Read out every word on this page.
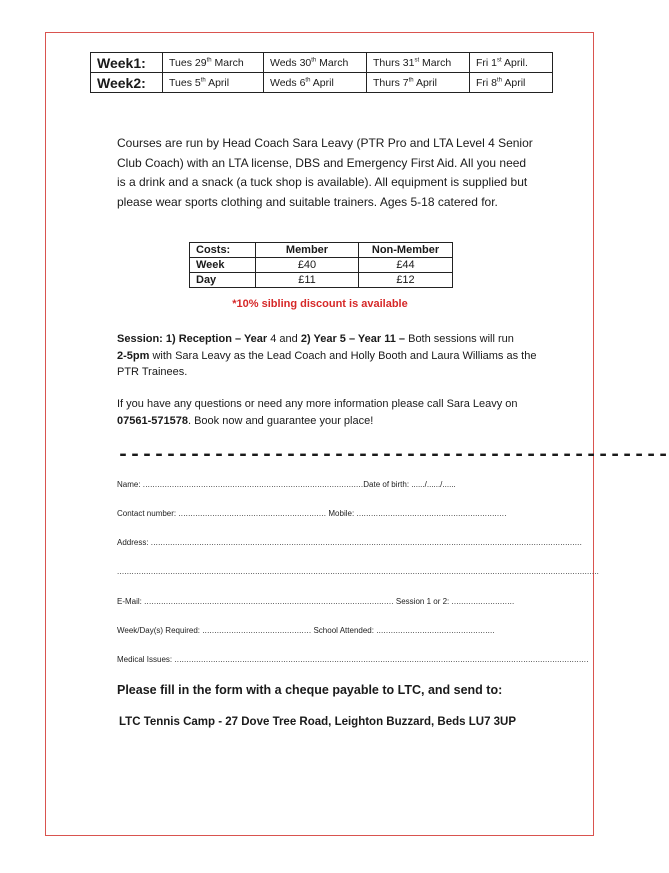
Week1:	Tues 29th March	Weds 30th March	Thurs 31st March	Fri 1st April.
Week2:	Tues 5th April	Weds 6th April	Thurs 7th April	Fri 8th April

Courses are run by Head Coach Sara Leavy (PTR Pro and LTA Level 4 Senior Club Coach) with an LTA license, DBS and Emergency First Aid. All you need is a drink and a snack (a tuck shop is available). All equipment is supplied but please wear sports clothing and suitable trainers. Ages 5-18 catered for.

Costs:	Member	Non-Member
Week	£40	£44
Day	£11	£12

*10% sibling discount is available

Session: 1) Reception – Year 4 and 2) Year 5 – Year 11 – Both sessions will run
2-5pm with Sara Leavy as the Lead Coach and Holly Booth and Laura Williams as the PTR Trainees.

If you have any questions or need any more information please call Sara Leavy on
07561-571578. Book now and guarantee your place!

----------------------------------------------

Name: ...........................................................................................Date of birth: ....../....../......

Contact number: ............................................................. Mobile: ..............................................................

Address: ..................................................................................................................................................................................

.......................................................................................................................................................................................................

E-Mail: ....................................................................................................... Session 1 or 2: ..........................

Week/Day(s) Required: ............................................. School Attended: .................................................

Medical Issues: ...........................................................................................................................................................................

Please fill in the form with a cheque payable to LTC, and send to:

LTC Tennis Camp - 27 Dove Tree Road, Leighton Buzzard, Beds LU7 3UP
